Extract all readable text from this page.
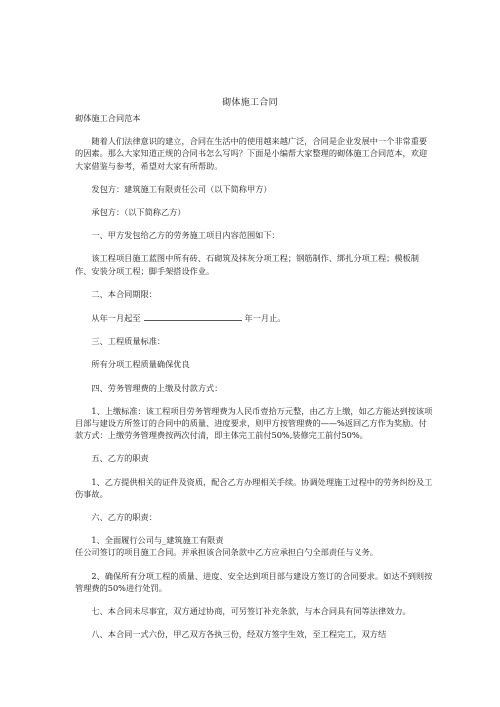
砌体施工合同

砌体施工合同范本

随着人们法律意识的建立，合同在生活中的使用越来越广泛，合同是企业发展中一个非常重要的因素。那么大家知道正规的合同书怎么写吗？下面是小编帮大家整理的砌体施工合同范本，欢迎大家借鉴与参考，希望对大家有所帮助。

发包方：建筑施工有限责任公司（以下简称甲方）

承包方：（以下简称乙方）

一、甲方发包给乙方的劳务施工项目内容范围如下：

该工程项目施工蓝图中所有砖、石砌筑及抹灰分项工程；钢筋制作、绑扎分项工程；模板制作、安装分项工程；脚手架搭设作业。

二、本合同期限：

从年一月起至	年一月止。

三、工程质量标准：

所有分项工程质量确保优良

四、劳务管理费的上缴及付款方式：

1、上缴标准：该工程项目劳务管理费为人民币壹拾万元整，由乙方上缴，如乙方能达到按该项目部与建设方所签订的合同中的质量、进度要求，则甲方按管理费的——%返回乙方作为奖励。付款方式：上缴劳务管理费按两次付清，即主体完工前付50%,装修完工前付50%。

五、乙方的职责

1、乙方提供相关的证件及资质，配合乙方办理相关手续。协调处理施工过程中的劳务纠纷及工伤事故。

六、乙方的职责：

1、全面履行公司与_建筑施工有限责

任公司签订的项目施工合同。并承担该合同条款中乙方应承担白勺全部责任与义务。

2、确保所有分项工程的质量、进度、安全达到项目部与建设方签订的合同要求。如达不到则按管理费的50%进行处罚。

七、本合同未尽事宜，双方通过协商，可另签订补充条款，与本合同具有同等法律效力。

八、本合同一式六份，甲乙双方各执三份，经双方签字生效，至工程完工，双方结
